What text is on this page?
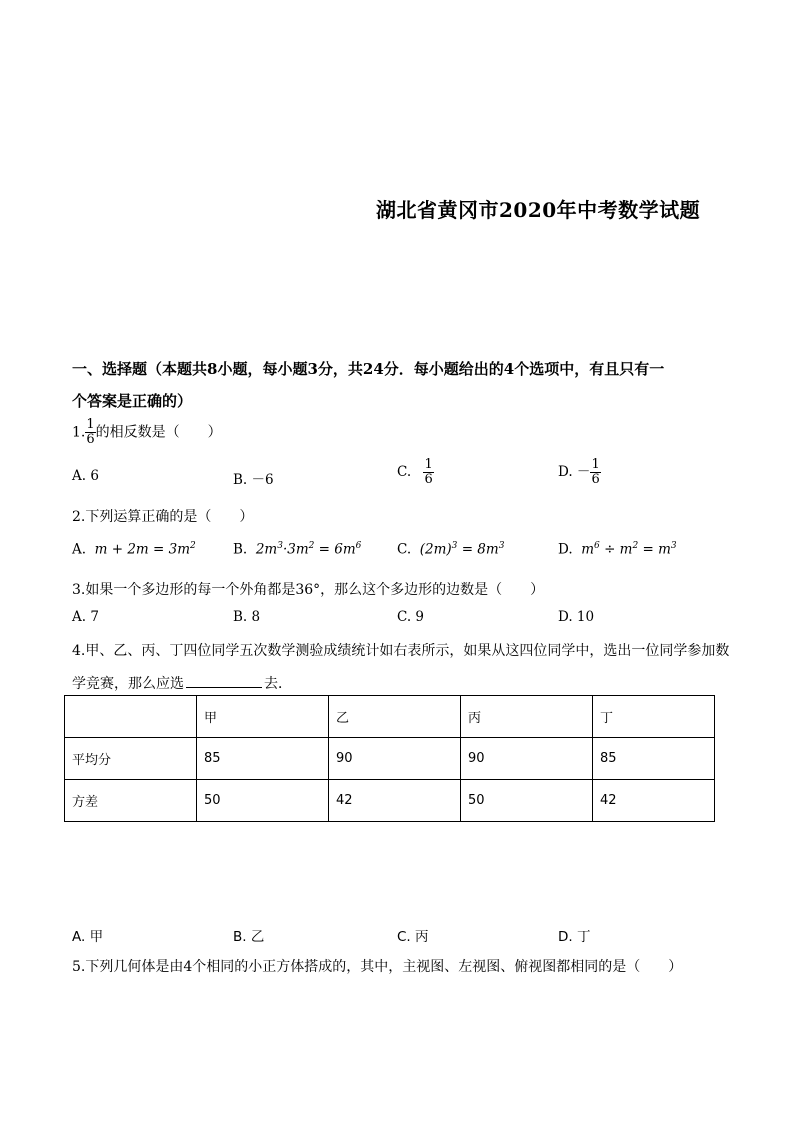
湖北省黄冈市2020年中考数学试题
一、选择题（本题共8小题，每小题3分，共24分．每小题给出的4个选项中，有且只有一
个答案是正确的）
1. $\frac{1}{6}$ 的相反数是（　　）
A. 6	B. －6	C. $\frac{1}{6}$	D. － $\frac{1}{6}$
2.下列运算正确的是（　　）
A. $m + 2m = 3m^2$	B. $2m^3\cdot 3m^2 = 6m^6$	C. $(2m)^3 = 8m^3$	D. $m^6 \div m^2 = m^3$
3.如果一个多边形的每一个外角都是36°，那么这个多边形的边数是（　　）
A. 7	B. 8	C. 9	D. 10
4.甲、乙、丙、丁四位同学五次数学测验成绩统计如右表所示，如果从这四位同学中，选出一位同学参加数
学竞赛，那么应选	去．
	甲	乙	丙	丁
平均分	85	90	90	85
方差	50	42	50	42
A. 甲	B. 乙	C. 丙	D. 丁
5.下列几何体是由4个相同的小正方体搭成的，其中，主视图、左视图、俯视图都相同的是（　　）
